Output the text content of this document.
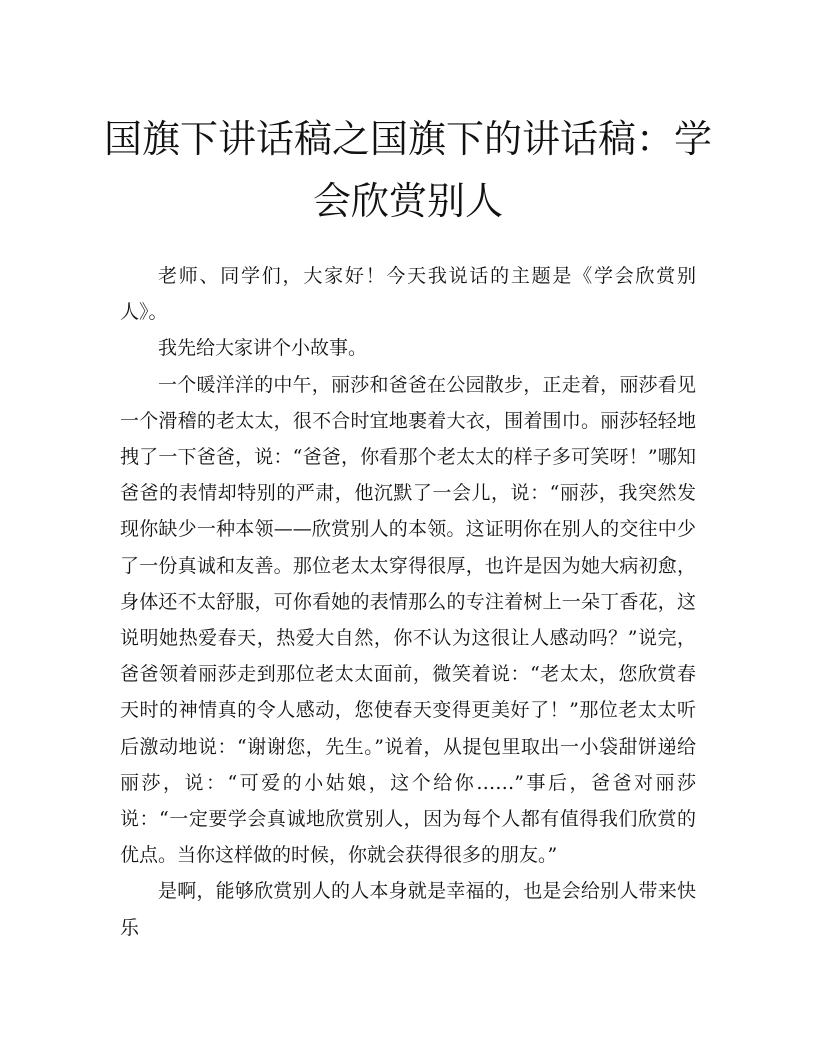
国旗下讲话稿之国旗下的讲话稿：学会欣赏别人

老师、同学们，大家好！今天我说话的主题是《学会欣赏别人》。

我先给大家讲个小故事。

一个暖洋洋的中午，丽莎和爸爸在公园散步，正走着，丽莎看见一个滑稽的老太太，很不合时宜地裹着大衣，围着围巾。丽莎轻轻地拽了一下爸爸，说：“爸爸，你看那个老太太的样子多可笑呀！”哪知爸爸的表情却特别的严肃，他沉默了一会儿，说：“丽莎，我突然发现你缺少一种本领——欣赏别人的本领。这证明你在别人的交往中少了一份真诚和友善。那位老太太穿得很厚，也许是因为她大病初愈，身体还不太舒服，可你看她的表情那么的专注着树上一朵丁香花，这说明她热爱春天，热爱大自然，你不认为这很让人感动吗？”说完，爸爸领着丽莎走到那位老太太面前，微笑着说：“老太太，您欣赏春天时的神情真的令人感动，您使春天变得更美好了！”那位老太太听后激动地说：“谢谢您，先生。”说着，从提包里取出一小袋甜饼递给丽莎，说：“可爱的小姑娘，这个给你……”事后，爸爸对丽莎说：“一定要学会真诚地欣赏别人，因为每个人都有值得我们欣赏的优点。当你这样做的时候，你就会获得很多的朋友。”

是啊，能够欣赏别人的人本身就是幸福的，也是会给别人带来快乐
